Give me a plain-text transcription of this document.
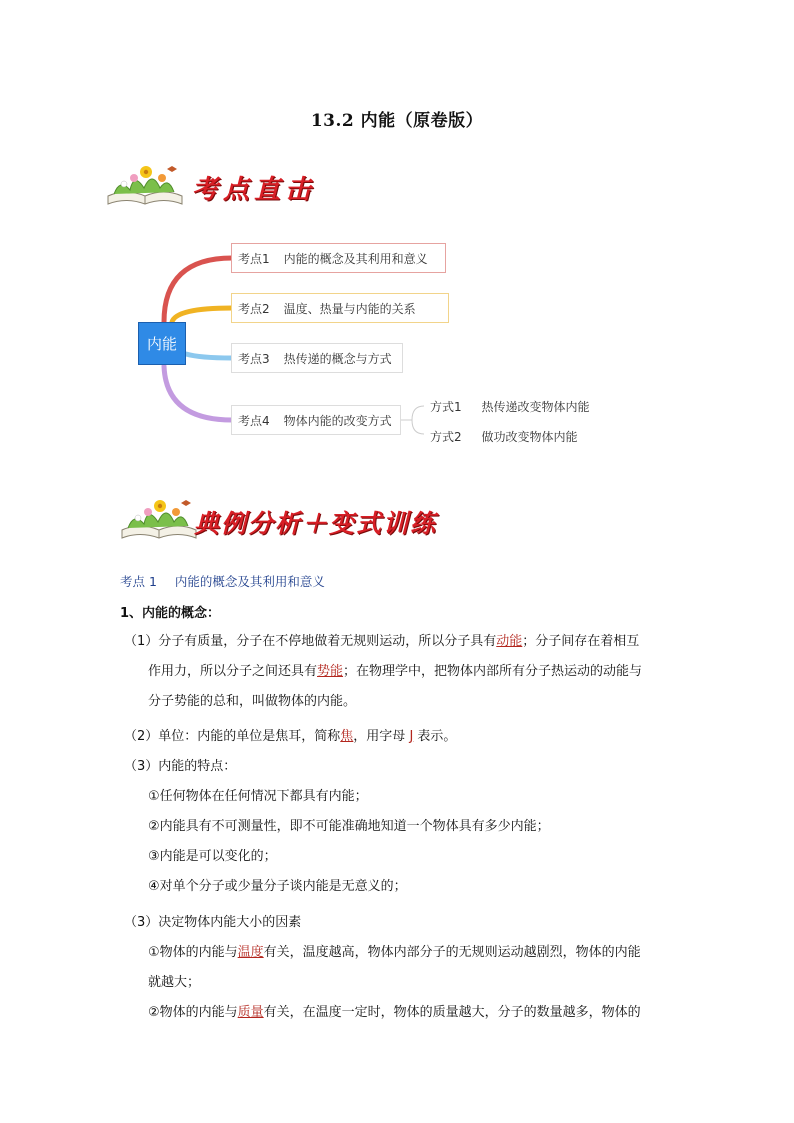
13.2 内能（原卷版）
考点直击
内能
考点1 内能的概念及其利用和意义
考点2 温度、热量与内能的关系
考点3 热传递的概念与方式
考点4 物体内能的改变方式
方式1 热传递改变物体内能
方式2 做功改变物体内能
典例分析＋变式训练
考点 1 内能的概念及其利用和意义
1、内能的概念：
（1）分子有质量，分子在不停地做着无规则运动，所以分子具有动能；分子间存在着相互
作用力，所以分子之间还具有势能；在物理学中，把物体内部所有分子热运动的动能与
分子势能的总和，叫做物体的内能。
（2）单位：内能的单位是焦耳，简称焦，用字母 J 表示。
（3）内能的特点：
①任何物体在任何情况下都具有内能；
②内能具有不可测量性，即不可能准确地知道一个物体具有多少内能；
③内能是可以变化的；
④对单个分子或少量分子谈内能是无意义的；
（3）决定物体内能大小的因素
①物体的内能与温度有关，温度越高，物体内部分子的无规则运动越剧烈，物体的内能
就越大；
②物体的内能与质量有关，在温度一定时，物体的质量越大，分子的数量越多，物体的
